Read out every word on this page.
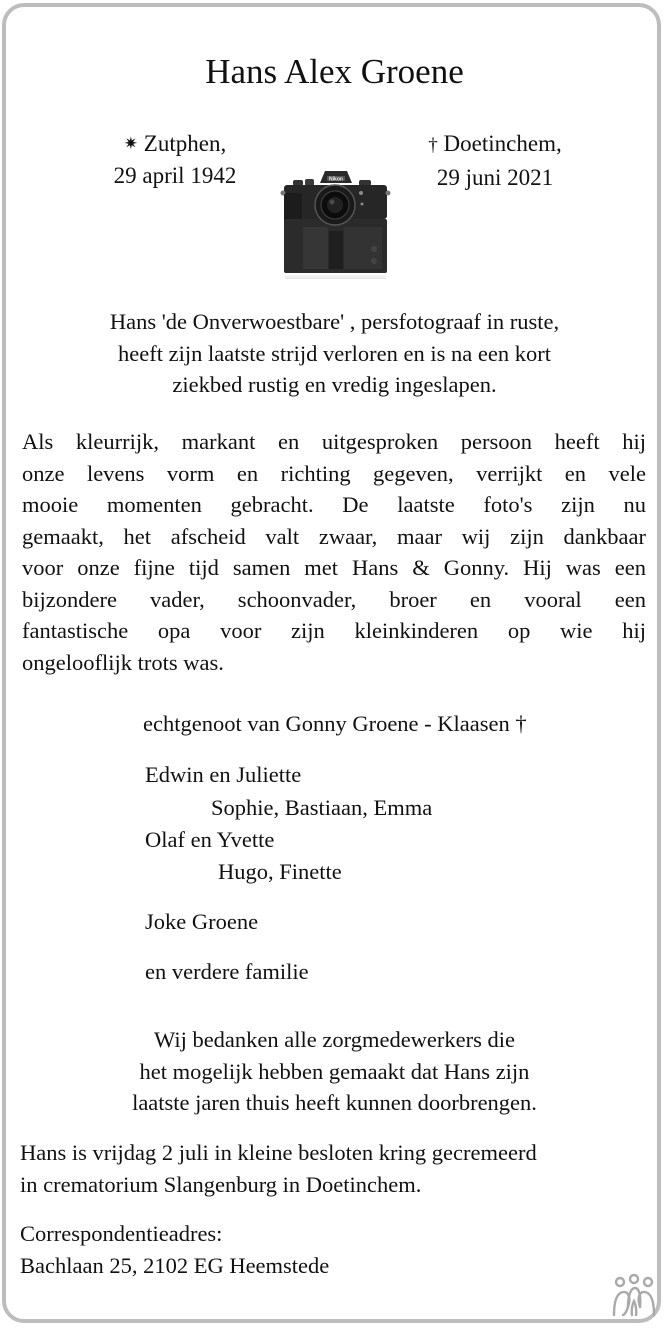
Hans Alex Groene
✷ Zutphen,
29 april 1942
† Doetinchem,
29 juni 2021
Nikon
Hans 'de Onverwoestbare' , persfotograaf in ruste,
heeft zijn laatste strijd verloren en is na een kort
ziekbed rustig en vredig ingeslapen.
Als kleurrijk, markant en uitgesproken persoon heeft hij
onze levens vorm en richting gegeven, verrijkt en vele
mooie momenten gebracht. De laatste foto's zijn nu
gemaakt, het afscheid valt zwaar, maar wij zijn dankbaar
voor onze fijne tijd samen met Hans & Gonny. Hij was een
bijzondere vader, schoonvader, broer en vooral een
fantastische opa voor zijn kleinkinderen op wie hij
ongelooflijk trots was.
echtgenoot van Gonny Groene - Klaasen †
Edwin en Juliette
Sophie, Bastiaan, Emma
Olaf en Yvette
Hugo, Finette
Joke Groene
en verdere familie
Wij bedanken alle zorgmedewerkers die
het mogelijk hebben gemaakt dat Hans zijn
laatste jaren thuis heeft kunnen doorbrengen.
Hans is vrijdag 2 juli in kleine besloten kring gecremeerd
in crematorium Slangenburg in Doetinchem.
Correspondentieadres:
Bachlaan 25, 2102 EG Heemstede
